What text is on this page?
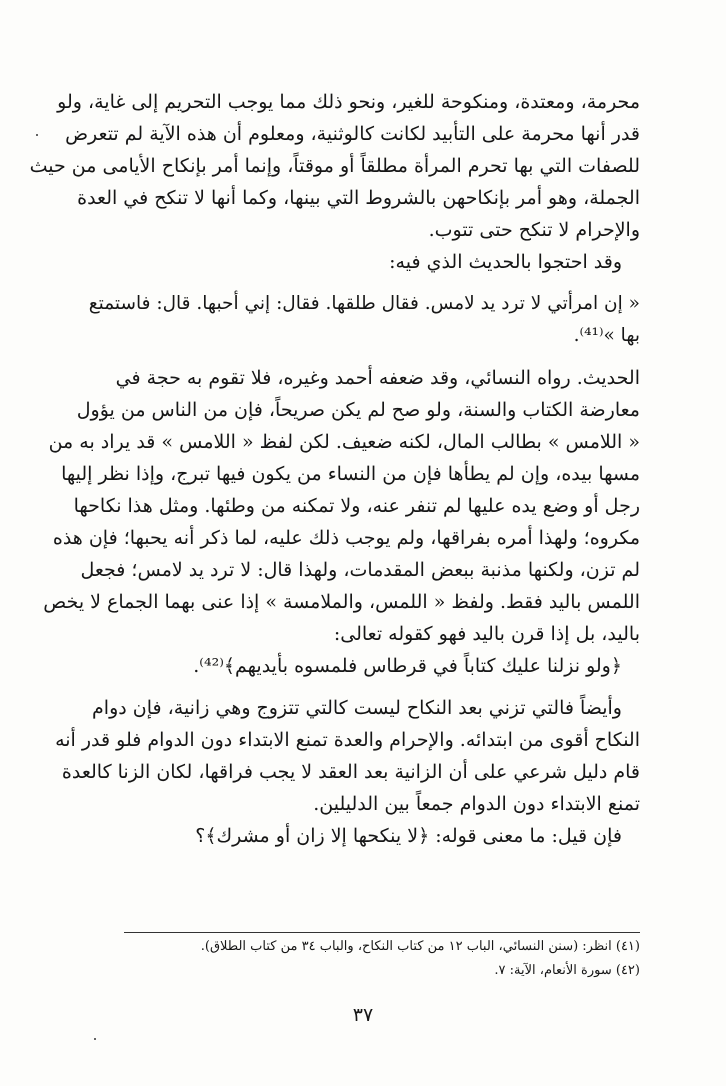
محرمة، ومعتدة، ومنكوحة للغير، ونحو ذلك مما يوجب التحريم إلى غاية، ولو
قدر أنها محرمة على التأبيد لكانت كالوثنية، ومعلوم أن هذه الآية لم تتعرض
للصفات التي بها تحرم المرأة مطلقاً أو موقتاً، وإنما أمر بإنكاح الأيامى من حيث
الجملة، وهو أمر بإنكاحهن بالشروط التي بينها، وكما أنها لا تنكح في العدة
والإحرام لا تنكح حتى تتوب.
وقد احتجوا بالحديث الذي فيه:
« إن امرأتي لا ترد يد لامس. فقال طلقها. فقال: إني أحبها. قال: فاستمتع
بها »⁽⁴¹⁾.
الحديث. رواه النسائي، وقد ضعفه أحمد وغيره، فلا تقوم به حجة في
معارضة الكتاب والسنة، ولو صح لم يكن صريحاً، فإن من الناس من يؤول
« اللامس » بطالب المال، لكنه ضعيف. لكن لفظ « اللامس » قد يراد به من
مسها بيده، وإن لم يطأها فإن من النساء من يكون فيها تبرج، وإذا نظر إليها
رجل أو وضع يده عليها لم تنفر عنه، ولا تمكنه من وطئها. ومثل هذا نكاحها
مكروه؛ ولهذا أمره بفراقها، ولم يوجب ذلك عليه، لما ذكر أنه يحبها؛ فإن هذه
لم تزن، ولكنها مذنبة ببعض المقدمات، ولهذا قال: لا ترد يد لامس؛ فجعل
اللمس باليد فقط. ولفظ « اللمس، والملامسة » إذا عنى بهما الجماع لا يخص
باليد، بل إذا قرن باليد فهو كقوله تعالى:
﴿ولو نزلنا عليك كتاباً في قرطاس فلمسوه بأيديهم﴾⁽⁴²⁾.
وأيضاً فالتي تزني بعد النكاح ليست كالتي تتزوج وهي زانية، فإن دوام
النكاح أقوى من ابتدائه. والإحرام والعدة تمنع الابتداء دون الدوام فلو قدر أنه
قام دليل شرعي على أن الزانية بعد العقد لا يجب فراقها، لكان الزنا كالعدة
تمنع الابتداء دون الدوام جمعاً بين الدليلين.
فإن قيل: ما معنى قوله: ﴿لا ينكحها إلا زان أو مشرك﴾؟
(٤١) انظر: (سنن النسائي، الباب ١٢ من كتاب النكاح، والباب ٣٤ من كتاب الطلاق).
(٤٢) سورة الأنعام، الآية: ٧.
٣٧
